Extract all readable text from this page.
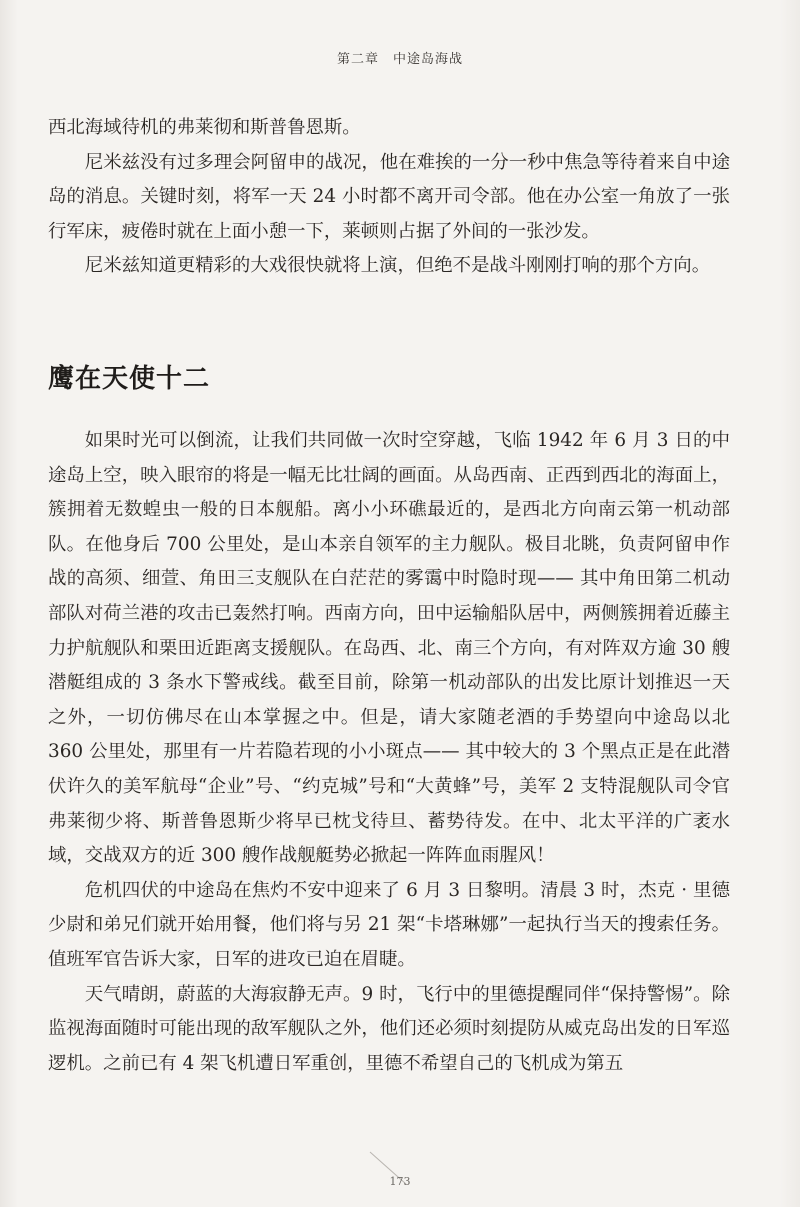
第二章　中途岛海战

西北海域待机的弗莱彻和斯普鲁恩斯。

尼米兹没有过多理会阿留申的战况，他在难挨的一分一秒中焦急等待着来自中途岛的消息。关键时刻，将军一天 24 小时都不离开司令部。他在办公室一角放了一张行军床，疲倦时就在上面小憩一下，莱顿则占据了外间的一张沙发。

尼米兹知道更精彩的大戏很快就将上演，但绝不是战斗刚刚打响的那个方向。

鹰在天使十二

如果时光可以倒流，让我们共同做一次时空穿越，飞临 1942 年 6 月 3 日的中途岛上空，映入眼帘的将是一幅无比壮阔的画面。从岛西南、正西到西北的海面上，簇拥着无数蝗虫一般的日本舰船。离小小环礁最近的，是西北方向南云第一机动部队。在他身后 700 公里处，是山本亲自领军的主力舰队。极目北眺，负责阿留申作战的高须、细萱、角田三支舰队在白茫茫的雾霭中时隐时现—— 其中角田第二机动部队对荷兰港的攻击已轰然打响。西南方向，田中运输船队居中，两侧簇拥着近藤主力护航舰队和栗田近距离支援舰队。在岛西、北、南三个方向，有对阵双方逾 30 艘潜艇组成的 3 条水下警戒线。截至目前，除第一机动部队的出发比原计划推迟一天之外，一切仿佛尽在山本掌握之中。但是，请大家随老酒的手势望向中途岛以北 360 公里处，那里有一片若隐若现的小小斑点—— 其中较大的 3 个黑点正是在此潜伏许久的美军航母“企业”号、“约克城”号和“大黄蜂”号，美军 2 支特混舰队司令官弗莱彻少将、斯普鲁恩斯少将早已枕戈待旦、蓄势待发。在中、北太平洋的广袤水域，交战双方的近 300 艘作战舰艇势必掀起一阵阵血雨腥风！

危机四伏的中途岛在焦灼不安中迎来了 6 月 3 日黎明。清晨 3 时，杰克 · 里德少尉和弟兄们就开始用餐，他们将与另 21 架“卡塔琳娜”一起执行当天的搜索任务。值班军官告诉大家，日军的进攻已迫在眉睫。

天气晴朗，蔚蓝的大海寂静无声。9 时，飞行中的里德提醒同伴“保持警惕”。除监视海面随时可能出现的敌军舰队之外，他们还必须时刻提防从威克岛出发的日军巡逻机。之前已有 4 架飞机遭日军重创，里德不希望自己的飞机成为第五

173
